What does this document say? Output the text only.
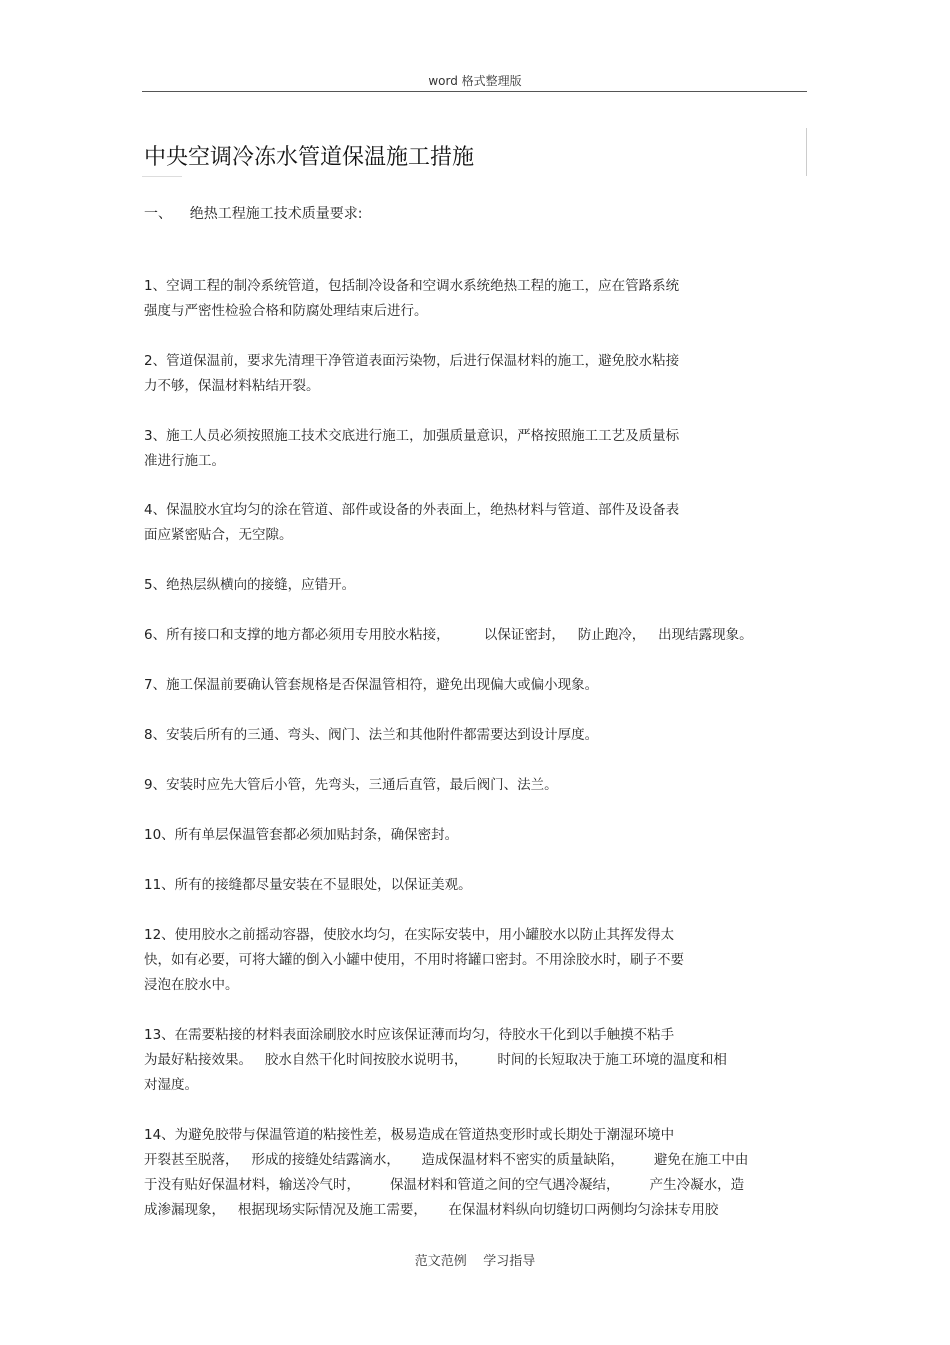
word 格式整理版
中央空调冷冻水管道保温施工措施
一、    绝热工程施工技术质量要求:
1、空调工程的制冷系统管道，包括制冷设备和空调水系统绝热工程的施工，应在管路系统
强度与严密性检验合格和防腐处理结束后进行。
2、管道保温前，要求先清理干净管道表面污染物，后进行保温材料的施工，避免胶水粘接
力不够，保温材料粘结开裂。
3、施工人员必须按照施工技术交底进行施工，加强质量意识，严格按照施工工艺及质量标
准进行施工。
4、保温胶水宜均匀的涂在管道、部件或设备的外表面上，绝热材料与管道、部件及设备表
面应紧密贴合，无空隙。
5、绝热层纵横向的接缝，应错开。
6、所有接口和支撑的地方都必须用专用胶水粘接，        以保证密封，   防止跑冷，   出现结露现象。
7、施工保温前要确认管套规格是否保温管相符，避免出现偏大或偏小现象。
8、安装后所有的三通、弯头、阀门、法兰和其他附件都需要达到设计厚度。
9、安装时应先大管后小管，先弯头，三通后直管，最后阀门、法兰。
10、所有单层保温管套都必须加贴封条，确保密封。
11、所有的接缝都尽量安装在不显眼处，以保证美观。
12、使用胶水之前摇动容器，使胶水均匀，在实际安装中，用小罐胶水以防止其挥发得太
快，如有必要，可将大罐的倒入小罐中使用，不用时将罐口密封。不用涂胶水时，刷子不要
浸泡在胶水中。
13、在需要粘接的材料表面涂刷胶水时应该保证薄而均匀，待胶水干化到以手触摸不粘手
为最好粘接效果。   胶水自然干化时间按胶水说明书，       时间的长短取决于施工环境的温度和相
对湿度。
14、为避免胶带与保温管道的粘接性差，极易造成在管道热变形时或长期处于潮湿环境中
开裂甚至脱落，   形成的接缝处结露滴水，     造成保温材料不密实的质量缺陷，       避免在施工中由
于没有贴好保温材料，输送冷气时，       保温材料和管道之间的空气遇冷凝结，       产生冷凝水，造
成渗漏现象，   根据现场实际情况及施工需要，     在保温材料纵向切缝切口两侧均匀涂抹专用胶
范文范例    学习指导
